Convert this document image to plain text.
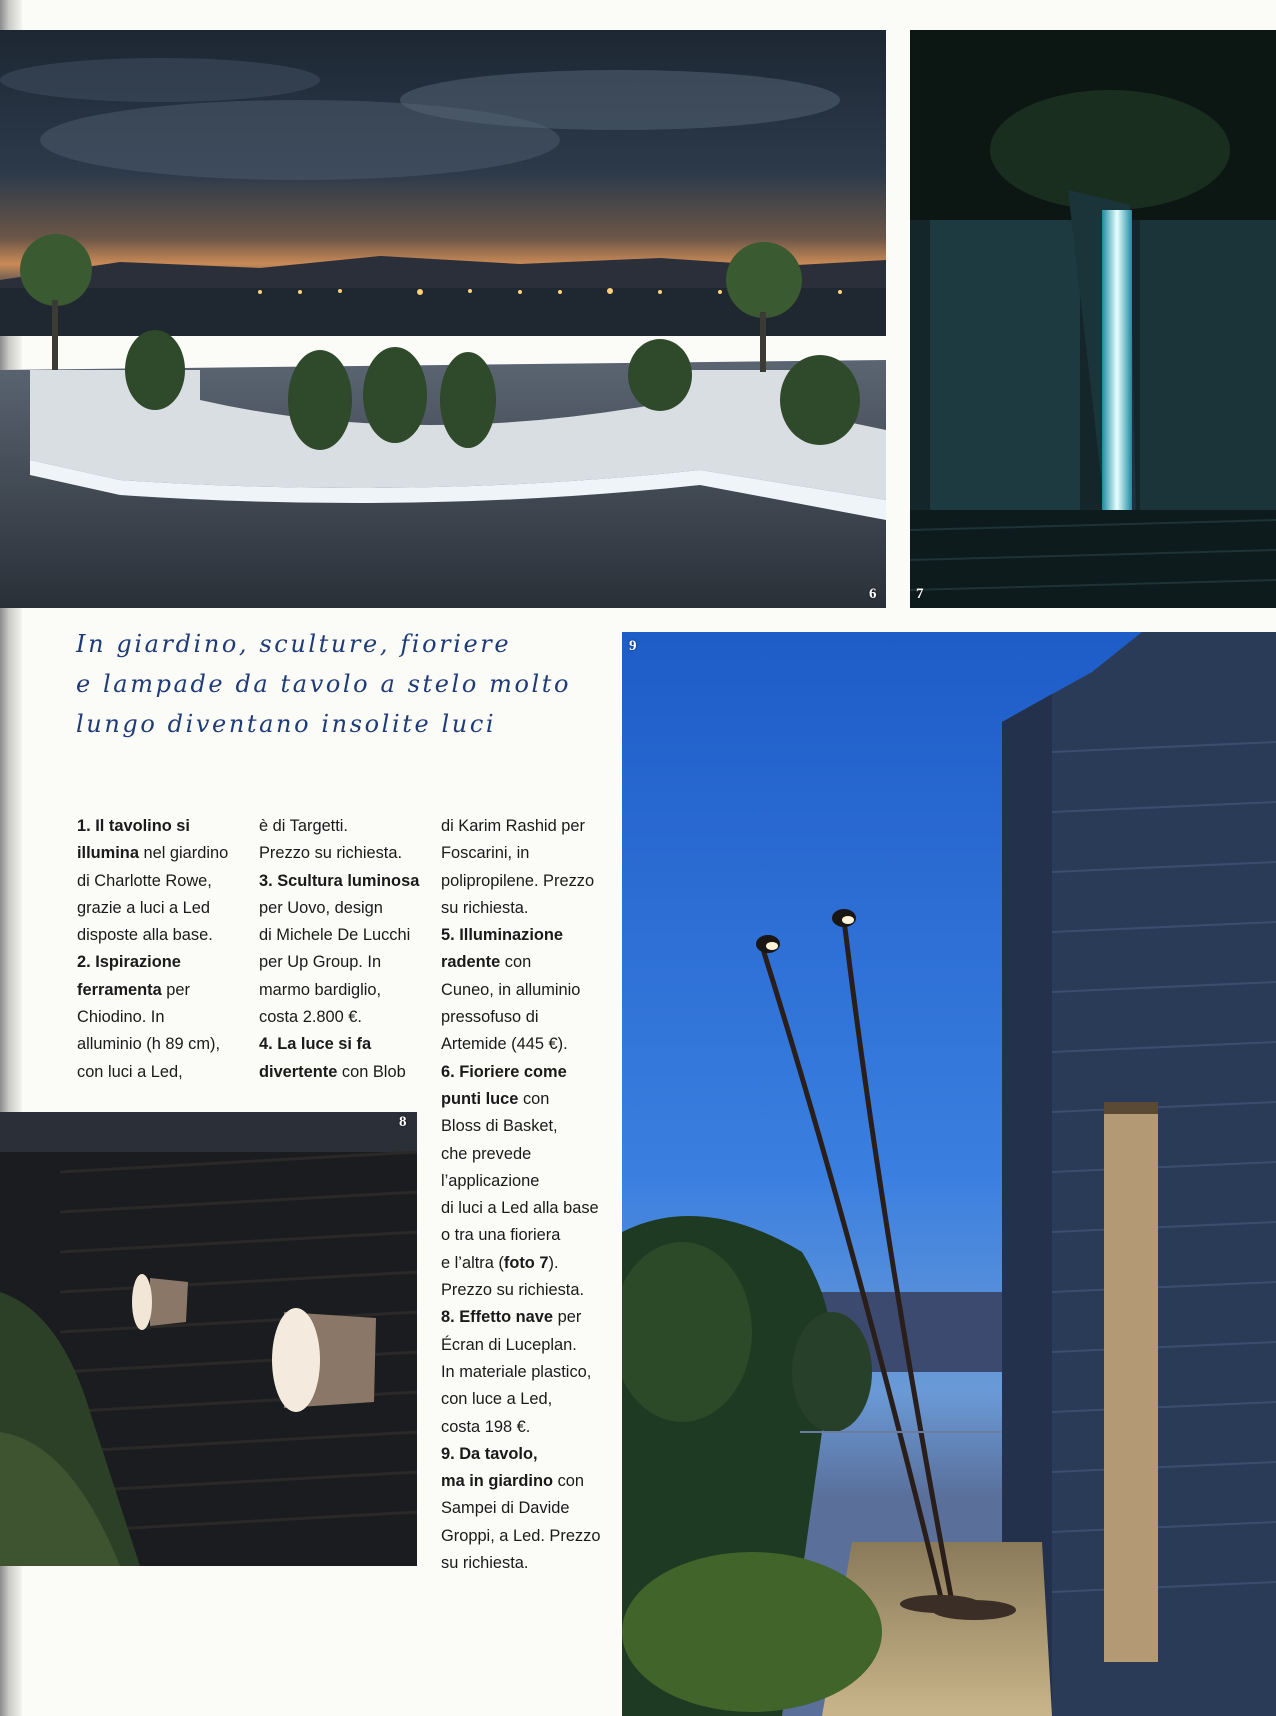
6	7
In giardino, sculture, fioriere
e lampade da tavolo a stelo molto
lungo diventano insolite luci
1. Il tavolino si
illumina nel giardino
di Charlotte Rowe,
grazie a luci a Led
disposte alla base.
2. Ispirazione
ferramenta per
Chiodino. In
alluminio (h 89 cm),
con luci a Led,
è di Targetti.
Prezzo su richiesta.
3. Scultura luminosa
per Uovo, design
di Michele De Lucchi
per Up Group. In
marmo bardiglio,
costa 2.800 €.
4. La luce si fa
divertente con Blob
di Karim Rashid per
Foscarini, in
polipropilene. Prezzo
su richiesta.
5. Illuminazione
radente con
Cuneo, in alluminio
pressofuso di
Artemide (445 €).
6. Fioriere come
punti luce con
Bloss di Basket,
che prevede
l’applicazione
di luci a Led alla base
o tra una fioriera
e l’altra (foto 7).
Prezzo su richiesta.
8. Effetto nave per
Écran di Luceplan.
In materiale plastico,
con luce a Led,
costa 198 €.
9. Da tavolo,
ma in giardino con
Sampei di Davide
Groppi, a Led. Prezzo
su richiesta.
8
9
